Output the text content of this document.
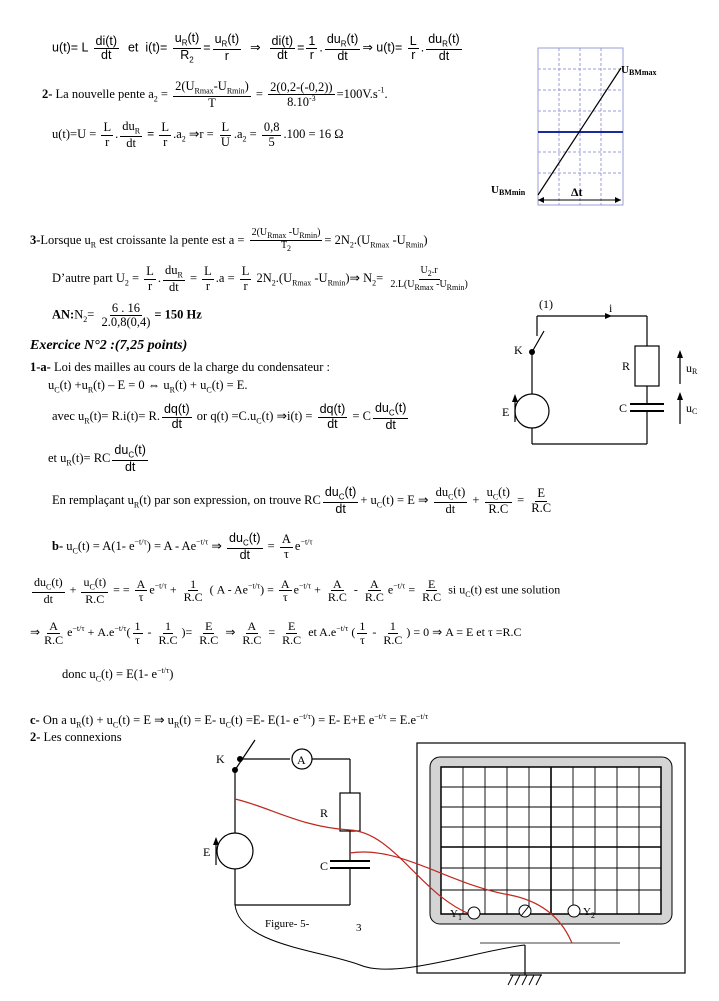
u(t)= L $\frac{di(t)}{dt}$ et $i(t)= \frac{u_R(t)}{R_2} = \frac{u_R(t)}{r}$ ⇒ $\frac{di(t)}{dt} = \frac{1}{r}$ . $\frac{du_R(t)}{dt}$ ⇒ $u(t)= \frac{L}{r}$ . $\frac{du_R(t)}{dt}$
2- La nouvelle pente $a_2 = \frac{2(U_{Rmax}-U_{Rmin})}{T} = \frac{2(0,2-(-0,2))}{8.10^{-3}} =100V.s^{-1}$.
$u(t)=U = \frac{L}{r}$ . $\frac{du_R}{dt} = \frac{L}{r} .a_2$ ⇒r = $\frac{L}{U} .a_2 = \frac{0,8}{5} .100 = 16$ Ω
UBMmax
UBMmin	Δt
3-Lorsque $u_R$ est croissante la pente est $a = \frac{2(U_{Rmax} -U_{Rmin})}{T_2} = 2N_2.(U_{Rmax}$ $-U_{Rmin}$)
D’autre part $U_2 = \frac{L}{r}$ . $\frac{du_R}{dt} = \frac{L}{r} .a = \frac{L}{r} 2N_2.(U_{Rmax}$ $-U_{Rmin})\Rightarrow$ $N_2= \frac{U_2.r}{2.L(U_{Rmax} -U_{Rmin})}$
$AN:N_2= \frac{6 . 16}{2.0,8(0,4)} = 150$ Hz
Exercice N°2 :(7,25 points)
(1)	i
K
R	uR
C	uC
E
1-a- Loi des mailles au cours de la charge du condensateur :
$u_C(t) +u_R(t) - E = 0$ ⇔ $u_R(t) + u_C(t) = E$.
avec $u_R(t)= R.i(t)= R$. $\frac{dq(t)}{dt}$ or $q(t) =C.u_C(t)$ ⇒i(t) = $\frac{dq(t)}{dt} = C \frac{du_C(t)}{dt}$
et $u_R(t)=$ RC $\frac{du_C(t)}{dt}$
En remplaçant $u_R(t)$ par son expression, on trouve RC $\frac{du_C(t)}{dt} + u_C(t) = E$ ⇒ $\frac{du_C(t)}{dt} + \frac{u_C(t)}{R.C} = \frac{E}{R.C}$
b- $u_C(t) = A(1-$ $e^{-t/\tau}) = A - Ae^{-t/\tau}$ ⇒ $\frac{du_C(t)}{dt} = \frac{A}{\tau} e^{-t/\tau}$
$\frac{du_C(t)}{dt} + \frac{u_C(t)}{R.C}$ = = $\frac{A}{\tau} e^{-t/\tau} + \frac{1}{R.C}$ ( $A - Ae^{-t/\tau}) = \frac{A}{\tau} e^{-t/\tau} + \frac{A}{R.C} - \frac{A}{R.C} e^{-t/\tau} = \frac{E}{R.C}$ si $u_C(t)$ est une solution
⇒ $\frac{A}{R.C} e^{-t/\tau} + A.e^{-t/\tau}( \frac{1}{\tau} - \frac{1}{R.C}$ )= $\frac{E}{R.C}$ ⇒ $\frac{A}{R.C} = \frac{E}{R.C}$ et $A.e^{-t/\tau}$ ( $\frac{1}{\tau} - \frac{1}{R.C}$ ) = 0 ⇒ A = E et τ =R.C
donc $u_C(t) = E(1-$ $e^{-t/\tau}$)
c- On a $u_R(t) + u_C(t) = E$ ⇒ $u_R(t) = E-$ $u_C(t) =E-$ E(1- $e^{-t/\tau}) = E-$ E+E $e^{-t/\tau} = E.e^{-t/\tau}$
2- Les connexions
K	A
R
E
C
$Y_1$	$Y_2$
Figure- 5-	3
